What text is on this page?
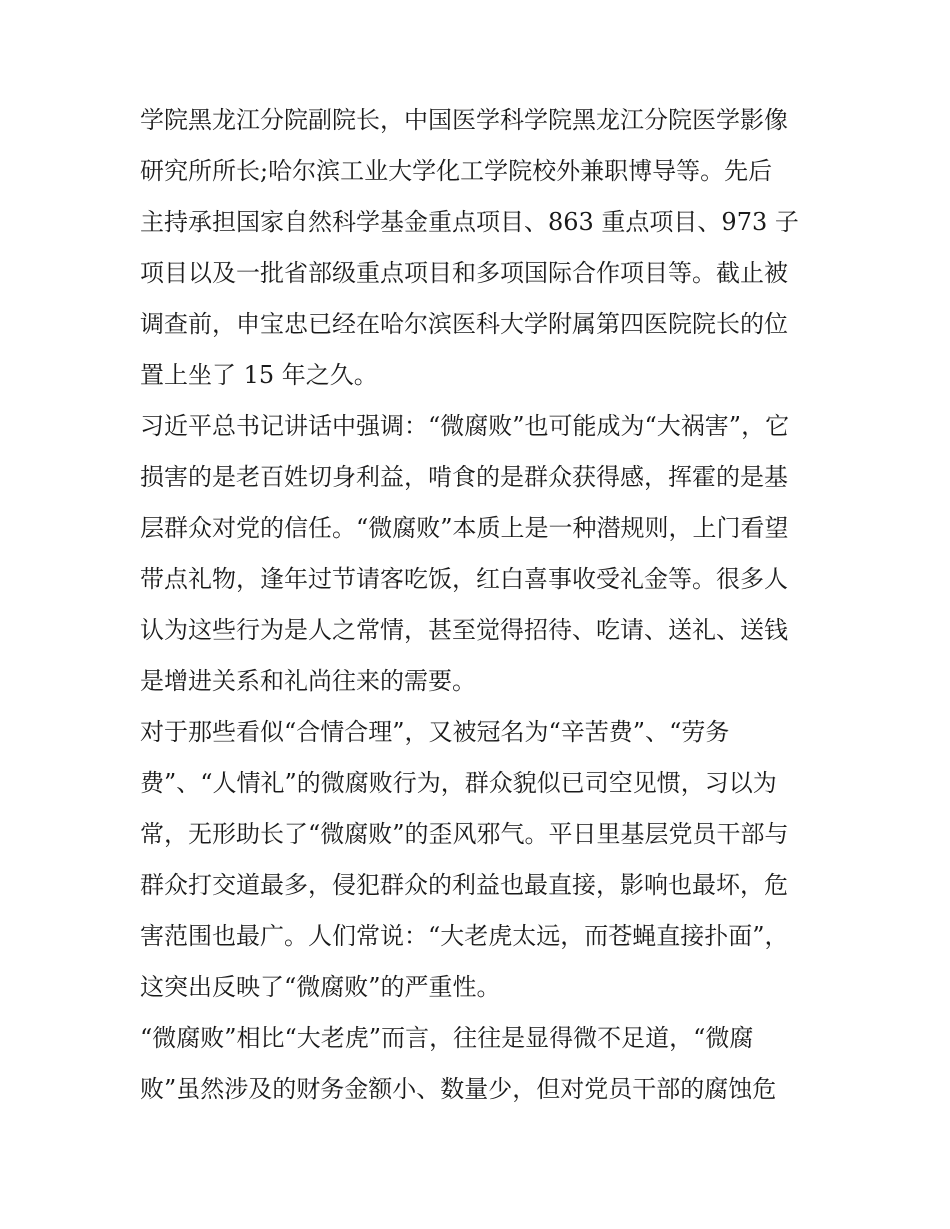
学院黑龙江分院副院长，中国医学科学院黑龙江分院医学影像
研究所所长;哈尔滨工业大学化工学院校外兼职博导等。先后
主持承担国家自然科学基金重点项目、863 重点项目、973 子
项目以及一批省部级重点项目和多项国际合作项目等。截止被
调查前，申宝忠已经在哈尔滨医科大学附属第四医院院长的位
置上坐了 15 年之久。
习近平总书记讲话中强调：“微腐败”也可能成为“大祸害”，它
损害的是老百姓切身利益，啃食的是群众获得感，挥霍的是基
层群众对党的信任。“微腐败”本质上是一种潜规则，上门看望
带点礼物，逢年过节请客吃饭，红白喜事收受礼金等。很多人
认为这些行为是人之常情，甚至觉得招待、吃请、送礼、送钱
是增进关系和礼尚往来的需要。
对于那些看似“合情合理”，又被冠名为“辛苦费”、“劳务
费”、“人情礼”的微腐败行为，群众貌似已司空见惯，习以为
常，无形助长了“微腐败”的歪风邪气。平日里基层党员干部与
群众打交道最多，侵犯群众的利益也最直接，影响也最坏，危
害范围也最广。人们常说：“大老虎太远，而苍蝇直接扑面”，
这突出反映了“微腐败”的严重性。
“微腐败”相比“大老虎”而言，往往是显得微不足道，“微腐
败”虽然涉及的财务金额小、数量少，但对党员干部的腐蚀危
